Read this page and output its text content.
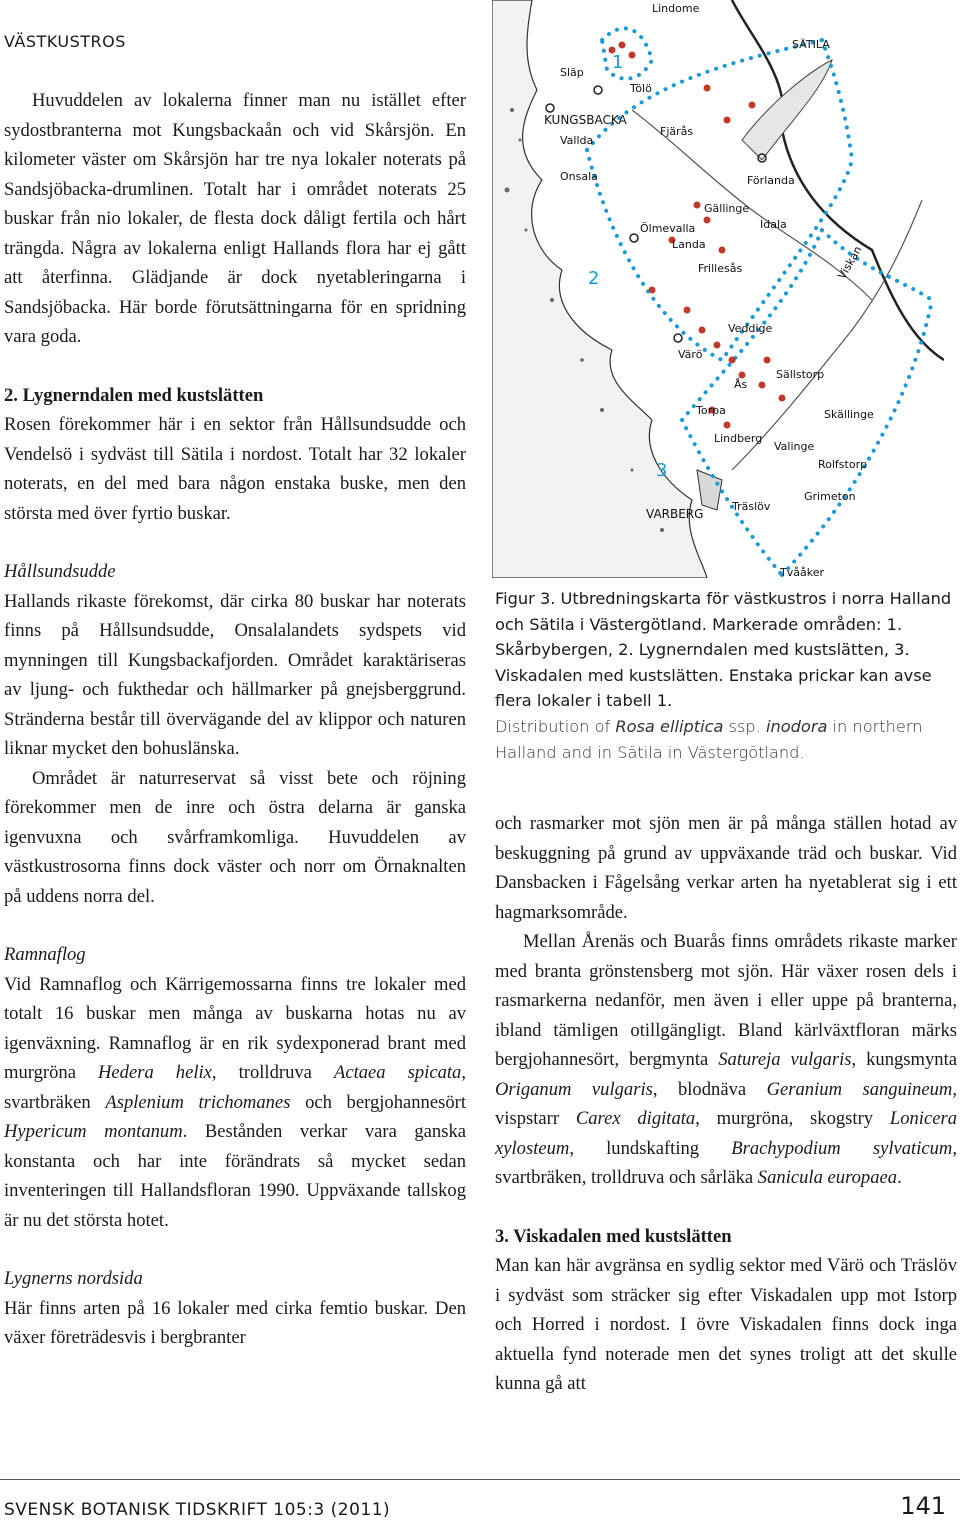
VÄSTKUSTROS

Huvuddelen av lokalerna finner man nu istället efter sydostbranterna mot Kungsbackaån och vid Skårsjön. En kilometer väster om Skårsjön har tre nya lokaler noterats på Sandsjöbacka-drumlinen. Totalt har i området noterats 25 buskar från nio lokaler, de flesta dock dåligt fertila och hårt trängda. Några av lokalerna enligt Hallands flora har ej gått att återfinna. Glädjande är dock nyetableringarna i Sandsjöbacka. Här borde förutsättningarna för en spridning vara goda.

2. Lygnerndalen med kustslätten

Rosen förekommer här i en sektor från Hållsundsudde och Vendelsö i sydväst till Sätila i nordost. Totalt har 32 lokaler noterats, en del med bara någon enstaka buske, men den största med över fyrtio buskar.

Hållsundsudde

Hallands rikaste förekomst, där cirka 80 buskar har noterats finns på Hållsundsudde, Onsalalandets sydspets vid mynningen till Kungsbackafjorden. Området karaktäriseras av ljung- och fukthedar och hällmarker på gnejsberggrund. Stränderna består till övervägande del av klippor och naturen liknar mycket den bohuslänska.

Området är naturreservat så visst bete och röjning förekommer men de inre och östra delarna är ganska igenvuxna och svårframkomliga. Huvuddelen av västkustrosorna finns dock väster och norr om Örnaknalten på uddens norra del.

Ramnaflog

Vid Ramnaflog och Kärrigemossarna finns tre lokaler med totalt 16 buskar men många av buskarna hotas nu av igenväxning. Ramnaflog är en rik sydexponerad brant med murgröna Hedera helix, trolldruva Actaea spicata, svartbräken Asplenium trichomanes och bergjohannesört Hypericum montanum. Bestånden verkar vara ganska konstanta och har inte förändrats så mycket sedan inventeringen till Hallandsfloran 1990. Uppväxande tallskog är nu det största hotet.

Lygnerns nordsida

Här finns arten på 16 lokaler med cirka femtio buskar. Den växer företrädesvis i bergbranter

Lindome
SÄTILA
Släp
Tölö
KUNGSBACKA
Vallda
Fjärås
Onsala	Förlanda
Gällinge
Idala
Ölmevalla
Landa
Frillesås	Viskan
Veddige
Värö
Sällstorp
Ås
Torpa	Skällinge
Lindberg
Valinge
Rolfstorp
VARBERG
Träslöv
Grimeton
Tvååker
1
2
3

Figur 3. Utbredningskarta för västkustros i norra Halland och Sätila i Västergötland. Markerade områden: 1. Skårbybergen, 2. Lygnerndalen med kustslätten, 3. Viskadalen med kustslätten. Enstaka prickar kan avse flera lokaler i tabell 1.

Distribution of Rosa elliptica ssp. inodora in northern Halland and in Sätila in Västergötland.

och rasmarker mot sjön men är på många ställen hotad av beskuggning på grund av uppväxande träd och buskar. Vid Dansbacken i Fågelsång verkar arten ha nyetablerat sig i ett hagmarksområde.

Mellan Årenäs och Buarås finns områdets rikaste marker med branta grönstensberg mot sjön. Här växer rosen dels i rasmarkerna nedanför, men även i eller uppe på branterna, ibland tämligen otillgängligt. Bland kärlväxtfloran märks bergjohannesört, bergmynta Satureja vulgaris, kungsmynta Origanum vulgaris, blodnäva Geranium sanguineum, vispstarr Carex digitata, murgröna, skogstry Lonicera xylosteum, lundskafting Brachypodium sylvaticum, svartbräken, trolldruva och sårläka Sanicula europaea.

3. Viskadalen med kustslätten

Man kan här avgränsa en sydlig sektor med Värö och Träslöv i sydväst som sträcker sig efter Viskadalen upp mot Istorp och Horred i nordost. I övre Viskadalen finns dock inga aktuella fynd noterade men det synes troligt att det skulle kunna gå att

SVENSK BOTANISK TIDSKRIFT 105:3 (2011)	141
